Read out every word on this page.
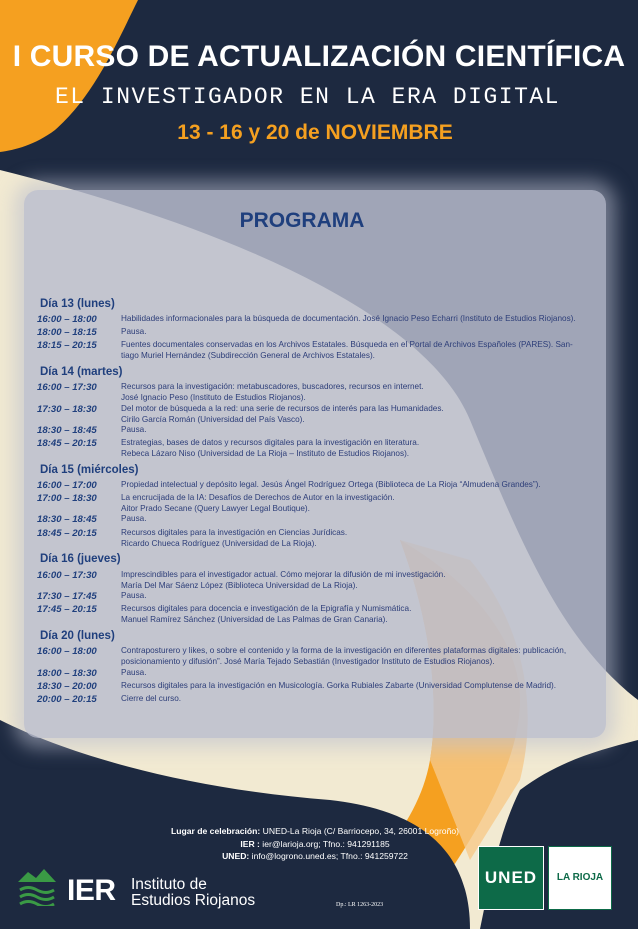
I CURSO DE ACTUALIZACIÓN CIENTÍFICA
EL INVESTIGADOR EN LA ERA DIGITAL
13 - 16 y 20 de NOVIEMBRE
PROGRAMA
Día 13 (lunes)
16:00 – 18:00	Habilidades informacionales para la búsqueda de documentación. José Ignacio Peso Echarri (Instituto de Estudios Riojanos).
18:00 – 18:15	Pausa.
18:15 – 20:15	Fuentes documentales conservadas en los Archivos Estatales. Búsqueda en el Portal de Archivos Españoles (PARES). San-
tiago Muriel Hernández (Subdirección General de Archivos Estatales).
Día 14 (martes)
16:00 – 17:30	Recursos para la investigación: metabuscadores, buscadores, recursos en internet.
José Ignacio Peso (Instituto de Estudios Riojanos).
17:30 – 18:30	Del motor de búsqueda a la red: una serie de recursos de interés para las Humanidades.
Cirilo García Román (Universidad del País Vasco).
18:30 – 18:45	Pausa.
18:45 – 20:15	Estrategias, bases de datos y recursos digitales para la investigación en literatura.
Rebeca Lázaro Niso (Universidad de La Rioja – Instituto de Estudios Riojanos).
Día 15 (miércoles)
16:00 – 17:00	Propiedad intelectual y depósito legal. Jesús Ángel Rodríguez Ortega (Biblioteca de La Rioja “Almudena Grandes”).
17:00 – 18:30	La encrucijada de la IA: Desafíos de Derechos de Autor en la investigación.
Aitor Prado Secane (Query Lawyer Legal Boutique).
18:30 – 18:45	Pausa.
18:45 – 20:15	Recursos digitales para la investigación en Ciencias Jurídicas.
Ricardo Chueca Rodríguez (Universidad de La Rioja).
Día 16 (jueves)
16:00 – 17:30	Imprescindibles para el investigador actual. Cómo mejorar la difusión de mi investigación.
María Del Mar Sáenz López (Biblioteca Universidad de La Rioja).
17:30 – 17:45	Pausa.
17:45 – 20:15	Recursos digitales para docencia e investigación de la Epigrafía y Numismática.
Manuel Ramírez Sánchez (Universidad de Las Palmas de Gran Canaria).
Día 20 (lunes)
16:00 – 18:00	Contraposturero y likes, o sobre el contenido y la forma de la investigación en diferentes plataformas digitales: publicación,
posicionamiento y difusión”. José María Tejado Sebastián (Investigador Instituto de Estudios Riojanos).
18:00 – 18:30	Pausa.
18:30 – 20:00	Recursos digitales para la investigación en Musicología. Gorka Rubiales Zabarte (Universidad Complutense de Madrid).
20:00 – 20:15	Cierre del curso.
Lugar de celebración: UNED-La Rioja (C/ Barriocepo, 34, 26001 Logroño)
IER : ier@larioja.org; Tfno.: 941291185
UNED: info@logrono.uned.es; Tfno.: 941259722
IER Instituto de
Estudios Riojanos	Dp.: LR 1263-2023
UNED	LA RIOJA
